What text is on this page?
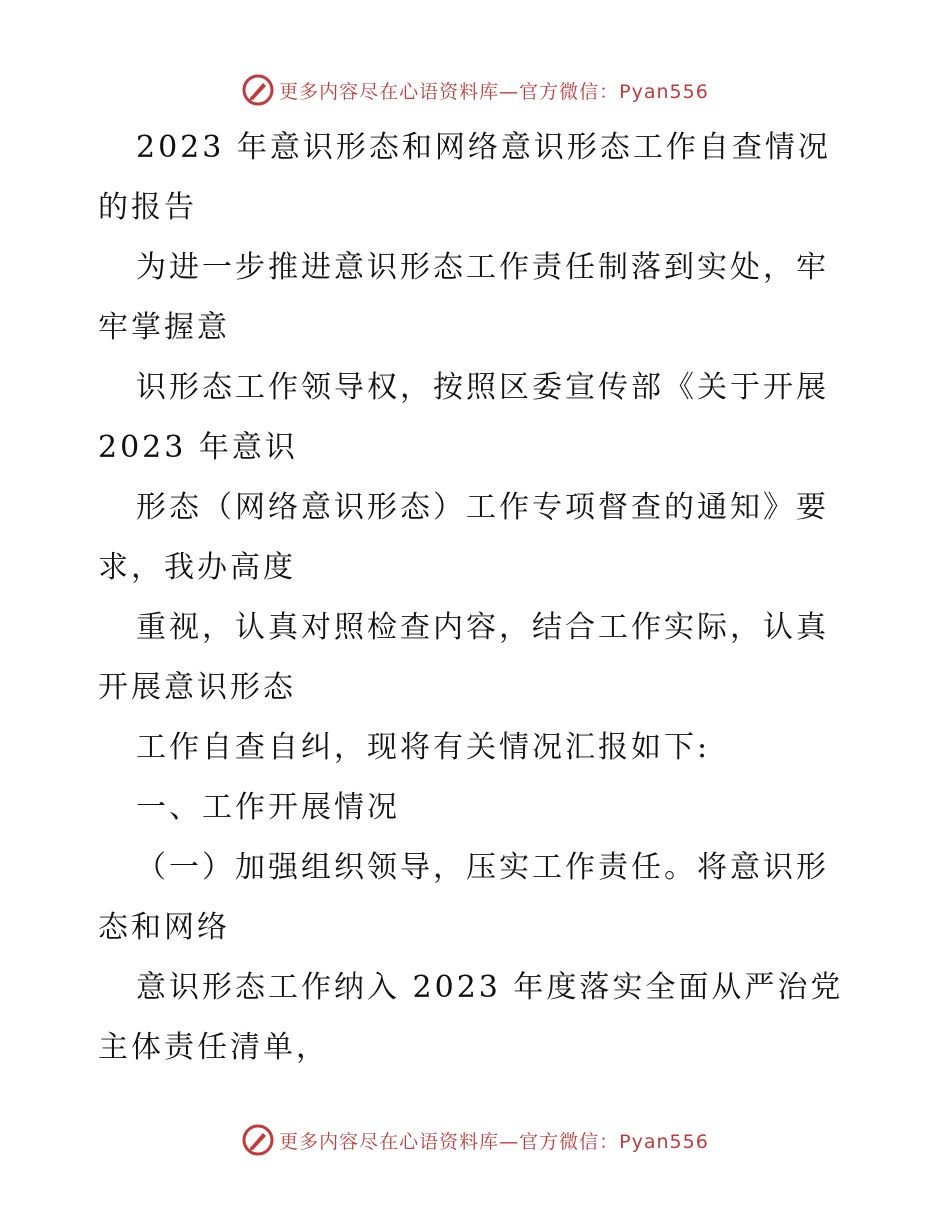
更多内容尽在心语资料库—官方微信：Pyan556
2023 年意识形态和网络意识形态工作自查情况
的报告
为进一步推进意识形态工作责任制落到实处，牢
牢掌握意
识形态工作领导权，按照区委宣传部《关于开展
2023 年意识
形态（网络意识形态）工作专项督查的通知》要
求，我办高度
重视，认真对照检查内容，结合工作实际，认真
开展意识形态
工作自查自纠，现将有关情况汇报如下:
一、工作开展情况
（一）加强组织领导，压实工作责任。将意识形
态和网络
意识形态工作纳入 2023 年度落实全面从严治党
主体责任清单，
更多内容尽在心语资料库—官方微信：Pyan556
